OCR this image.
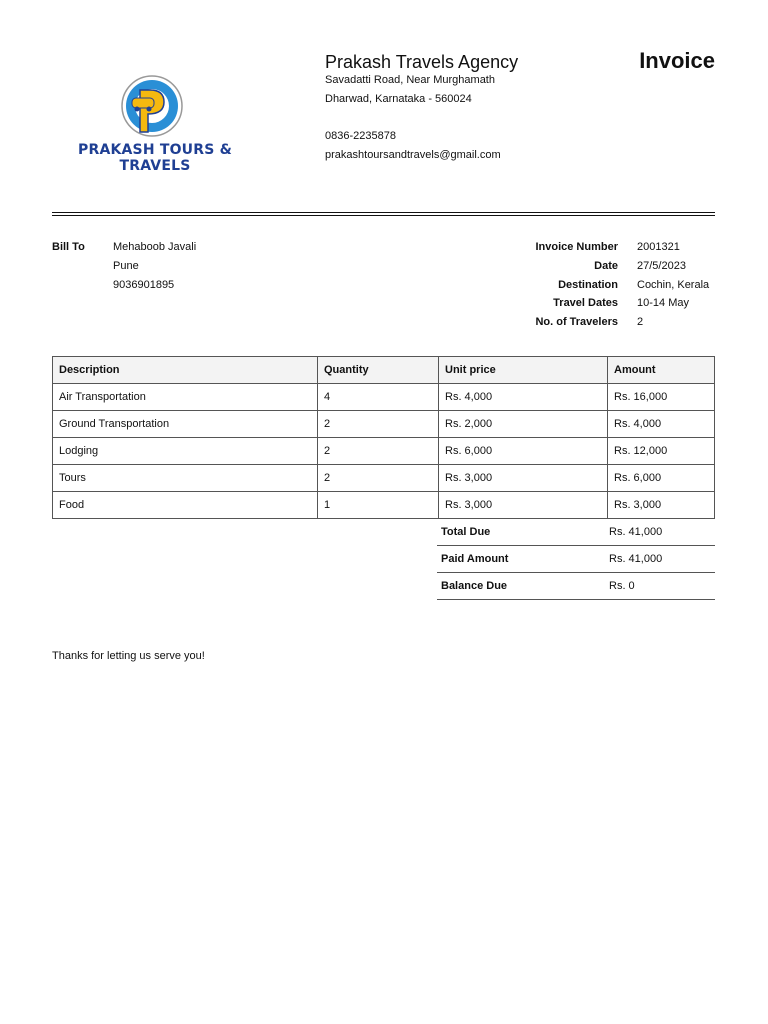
PRAKASH TOURS & TRAVELS
Prakash Travels Agency
Savadatti Road, Near Murghamath
Dharwad, Karnataka - 560024
0836-2235878
prakashtoursandtravels@gmail.com
Invoice
Bill To	Mehaboob Javali
Pune
9036901895
Invoice Number 2001321
Date 27/5/2023
Destination Cochin, Kerala
Travel Dates 10-14 May
No. of Travelers 2
Description	Quantity	Unit price	Amount
Air Transportation	4	Rs. 4,000	Rs. 16,000
Ground Transportation	2	Rs. 2,000	Rs. 4,000
Lodging	2	Rs. 6,000	Rs. 12,000
Tours	2	Rs. 3,000	Rs. 6,000
Food	1	Rs. 3,000	Rs. 3,000
Total Due	Rs. 41,000
Paid Amount	Rs. 41,000
Balance Due	Rs. 0
Thanks for letting us serve you!
